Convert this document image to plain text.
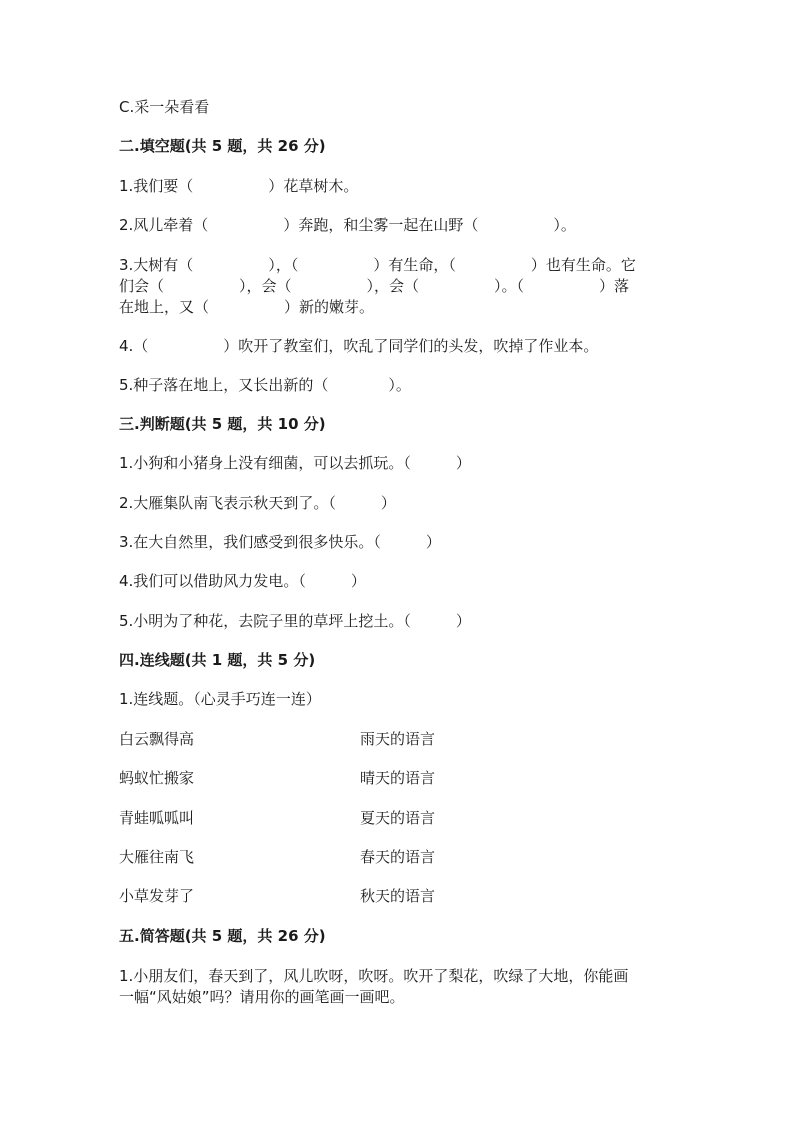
C.采一朵看看
二.填空题(共 5 题，共 26 分)
1.我们要（　　　　　）花草树木。
2.风儿牵着（　　　　　）奔跑，和尘雾一起在山野（　　　　　）。
3.大树有（　　　　　），（　　　　　）有生命，（　　　　　）也有生命。它
们会（　　　　　），会（　　　　　），会（　　　　　）。（　　　　　）落
在地上，又（　　　　　）新的嫩芽。
4.（　　　　　）吹开了教室们，吹乱了同学们的头发，吹掉了作业本。
5.种子落在地上，又长出新的（　　　　）。
三.判断题(共 5 题，共 10 分)
1.小狗和小猪身上没有细菌，可以去抓玩。（　　　）
2.大雁集队南飞表示秋天到了。（　　　）
3.在大自然里，我们感受到很多快乐。（　　　）
4.我们可以借助风力发电。（　　　）
5.小明为了种花，去院子里的草坪上挖土。（　　　）
四.连线题(共 1 题，共 5 分)
1.连线题。（心灵手巧连一连）
白云飘得高	雨天的语言
蚂蚁忙搬家	晴天的语言
青蛙呱呱叫	夏天的语言
大雁往南飞	春天的语言
小草发芽了	秋天的语言
五.简答题(共 5 题，共 26 分)
1.小朋友们，春天到了，风儿吹呀，吹呀。吹开了梨花，吹绿了大地，你能画
一幅“风姑娘”吗？请用你的画笔画一画吧。
